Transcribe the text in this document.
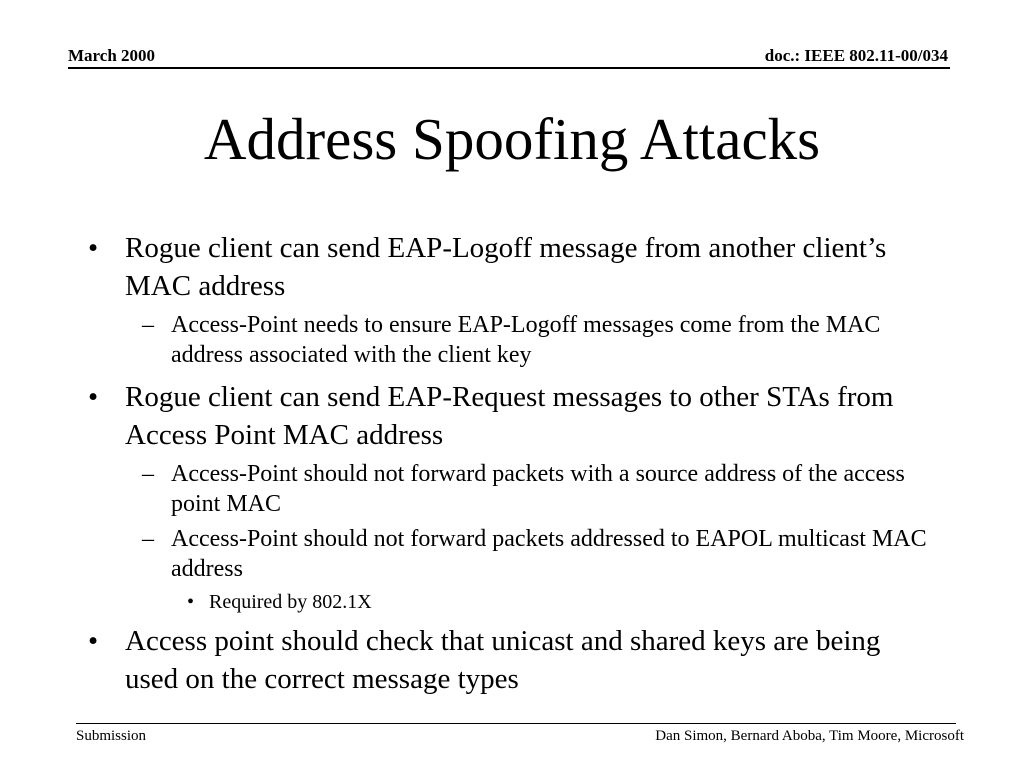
March 2000	doc.: IEEE 802.11-00/034
Address Spoofing Attacks
• Rogue client can send EAP-Logoff message from another client’s MAC address
– Access-Point needs to ensure EAP-Logoff messages come from the MAC address associated with the client key
• Rogue client can send EAP-Request messages to other STAs from Access Point MAC address
– Access-Point should not forward packets with a source address of the access point MAC
– Access-Point should not forward packets addressed to EAPOL multicast MAC address
• Required by 802.1X
• Access point should check that unicast and shared keys are being used on the correct message types
Submission	Dan Simon, Bernard Aboba, Tim Moore, Microsoft
